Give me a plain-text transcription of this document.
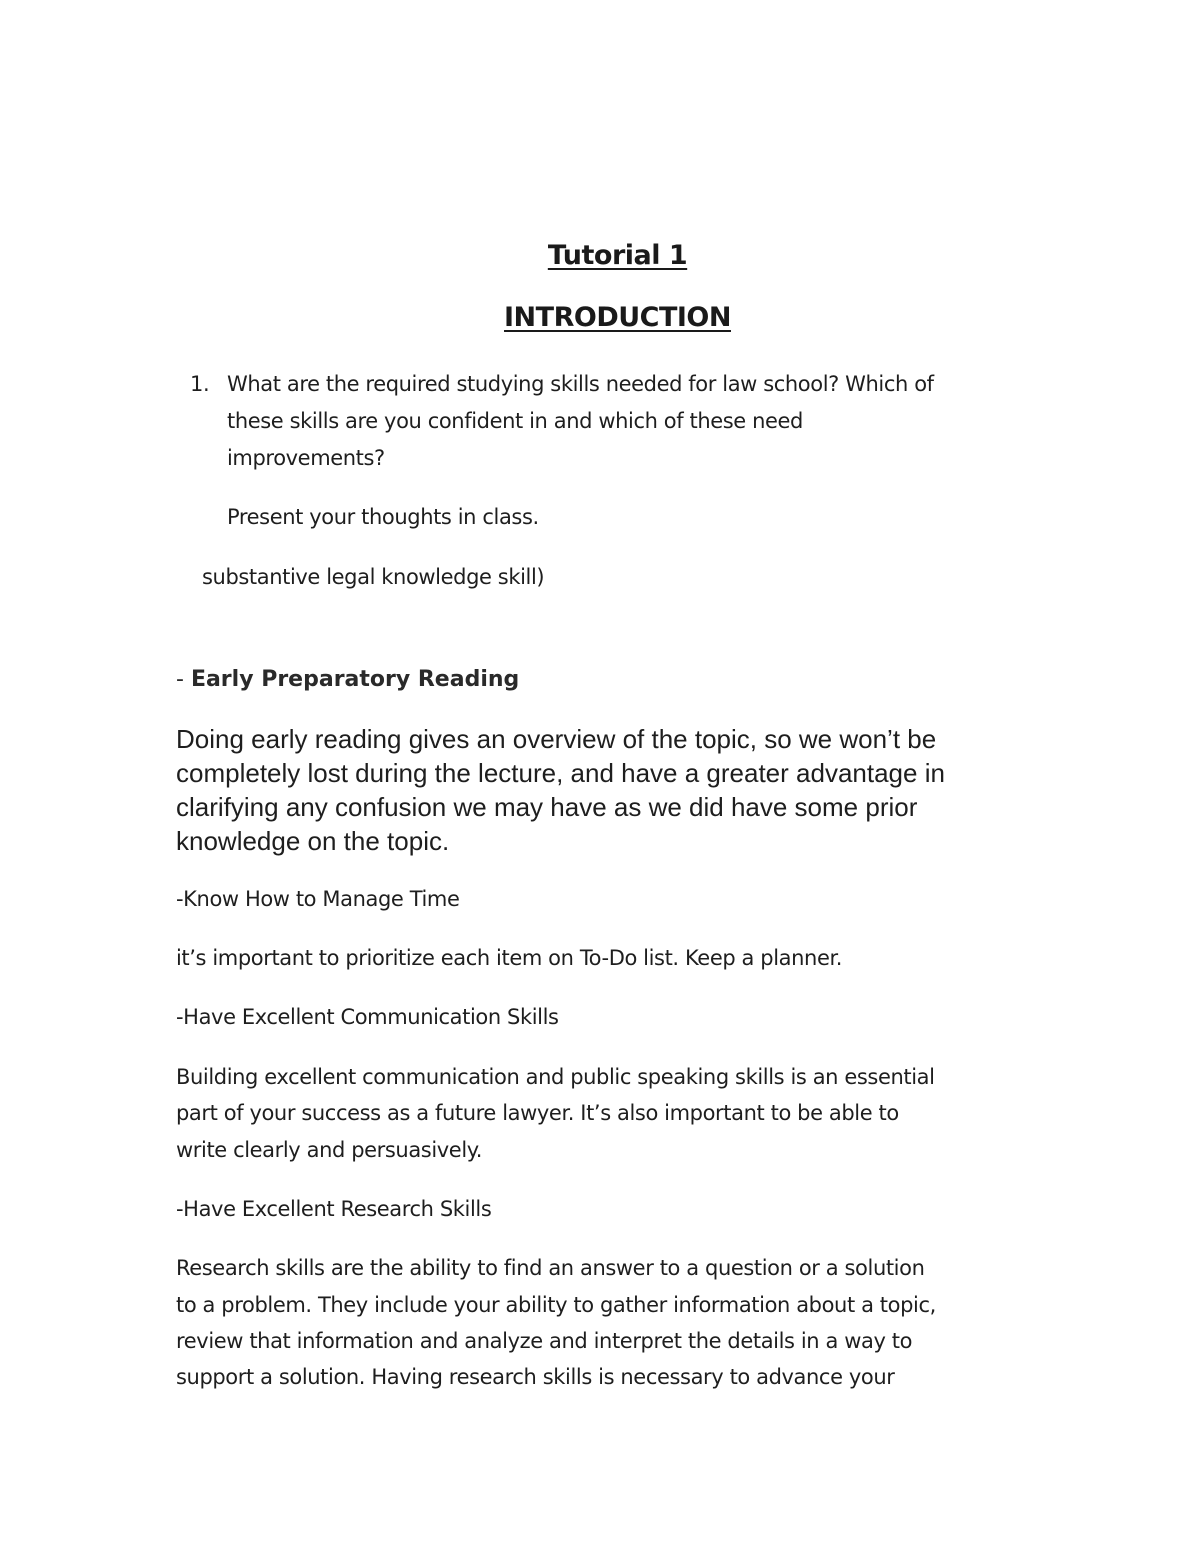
Tutorial 1
INTRODUCTION
1. What are the required studying skills needed for law school? Which of

these skills are you confident in and which of these need

improvements?

Present your thoughts in class.

substantive legal knowledge skill)

- Early Preparatory Reading

Doing early reading gives an overview of the topic, so we won’t be

completely lost during the lecture, and have a greater advantage in

clarifying any confusion we may have as we did have some prior

knowledge on the topic.

-Know How to Manage Time

it’s important to prioritize each item on To-Do list. Keep a planner.

-Have Excellent Communication Skills

Building excellent communication and public speaking skills is an essential

part of your success as a future lawyer. It’s also important to be able to

write clearly and persuasively.

-Have Excellent Research Skills

Research skills are the ability to find an answer to a question or a solution

to a problem. They include your ability to gather information about a topic,

review that information and analyze and interpret the details in a way to

support a solution. Having research skills is necessary to advance your
